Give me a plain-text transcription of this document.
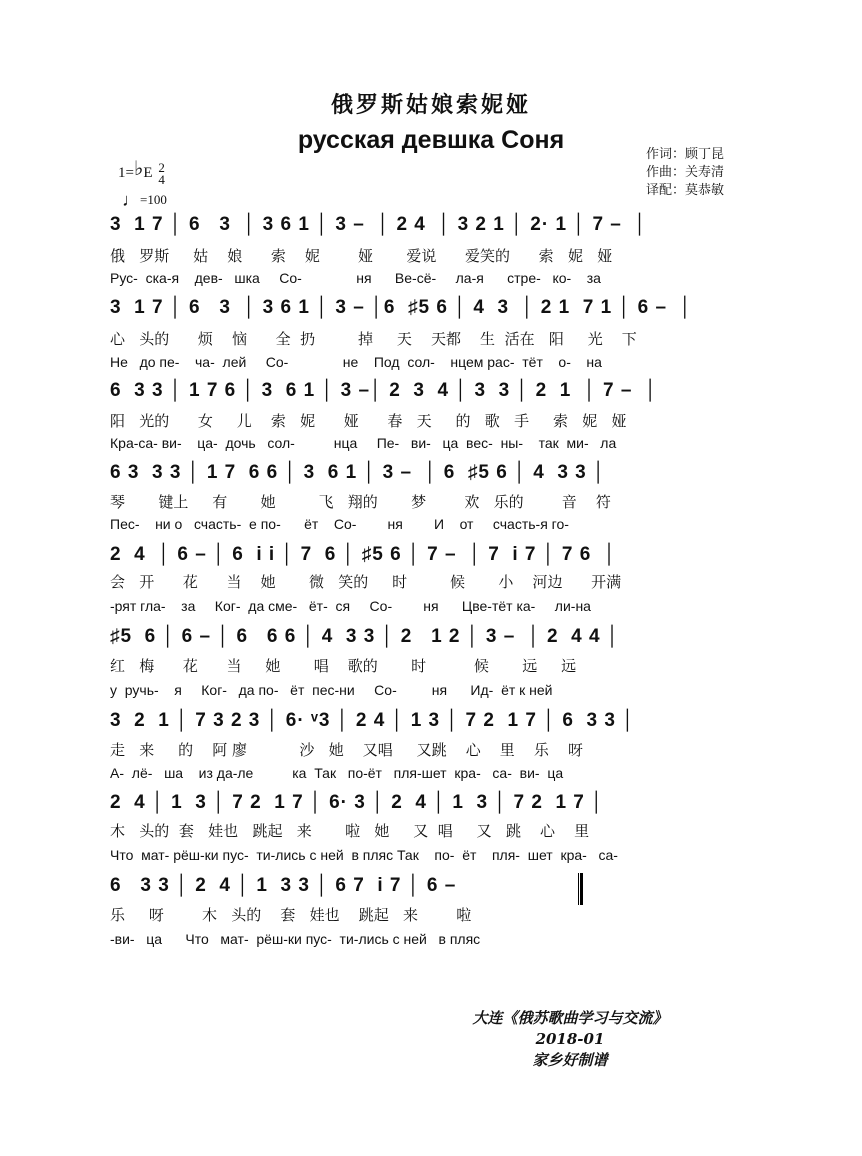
俄罗斯姑娘索妮娅
русская девшка Соня
1=♭E 2
4
♩=100
作词：顾丁昆
作曲：关寿清
译配：莫恭敏
3  1 7 │ 6   3  │ 3 6 1 │ 3 –  │ 2 4  │ 3 2 1 │ 2· 1 │ 7 –  │
俄   罗斯     姑    娘      索    妮        娅       爱说      爱笑的      索   妮   娅
Рус-  ска-я    дев-   шка     Со-              ня      Ве-сё-     ла-я      стре-   ко-    за
3  1 7 │ 6   3  │ 3 6 1 │ 3 – │6  ♯5 6 │ 4  3  │ 2 1  7 1 │ 6 –  │
心   头的      烦    恼      全  扔         掉     天    天都    生  活在   阳     光    下
Не   до пе-    ча-  лей     Со-              не    Под  сол-    нцем рас-  тёт    о-    на
6  3 3 │ 1 7 6 │ 3  6 1 │ 3 –│ 2  3  4 │ 3  3 │ 2  1  │ 7 –  │
阳   光的      女     儿    索   妮      娅      春   天     的   歌   手     索   妮   娅
Кра-са- ви-    ца-  дочь   сол-          нца     Пе-   ви-   ца  вес-  ны-    так  ми-   ла
6 3  3 3 │ 1 7  6 6 │ 3  6 1 │ 3 –  │ 6  ♯5 6 │ 4  3 3 │
琴       键上     有       她         飞   翔的       梦        欢   乐的        音    符
Пес-    ни о   счасть-  е по-      ёт    Со-        ня        И    от     счасть-я го-
2  4  │ 6 – │ 6  i i │ 7  6 │ ♯5 6 │ 7 –  │ 7  i 7 │ 7 6  │
会   开      花      当    她       微   笑的     时         候       小    河边      开满
-рят гла-    за     Ког-  да сме-   ёт-  ся     Со-        ня      Цве-тёт ка-     ли-на
♯5  6 │ 6 – │ 6   6 6 │ 4  3 3 │ 2   1 2 │ 3 –  │ 2  4 4 │
红   梅      花      当     她       唱    歌的       时          候       远     远
у  ручь-    я     Ког-   да по-   ёт  пес-ни     Со-         ня      Ид-  ёт к ней
3  2  1 │ 7 3 2 3 │ 6· ᵛ3 │ 2 4 │ 1 3 │ 7 2  1 7 │ 6  3 3 │
走   来     的    阿 廖           沙   她    又唱     又跳    心    里    乐    呀
А-  лё-   ша    из да-ле          ка  Так   по-ёт   пля-шет  кра-   са-  ви-  ца
2  4 │ 1  3 │ 7 2  1 7 │ 6· 3 │ 2  4 │ 1  3 │ 7 2  1 7 │
木   头的  套   娃也   跳起   来       啦   她     又  唱     又   跳    心    里
Что  мат- рёш-ки пус-  ти-лись с ней  в пляс Так    по-  ёт    пля-  шет  кра-   са-
6   3 3 │ 2  4 │ 1  3 3 │ 6 7  i 7 │ 6 –
乐     呀        木   头的    套   娃也    跳起   来        啦
-ви-   ца      Что   мат-  рёш-ки пус-  ти-лись с ней   в пляс
大连《俄苏歌曲学习与交流》
2018-01
家乡好制谱
